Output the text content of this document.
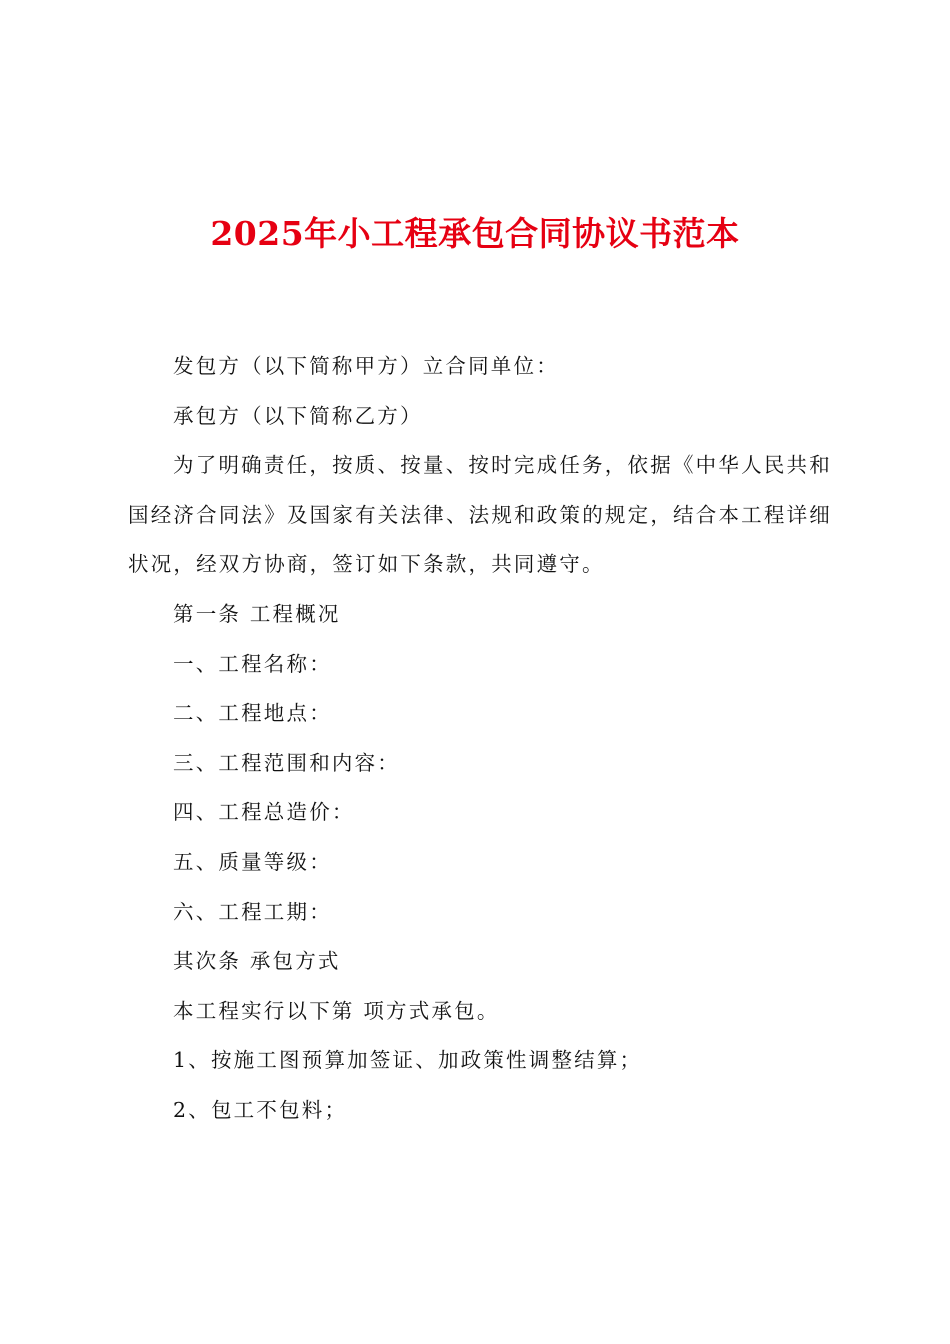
2025年小工程承包合同协议书范本

发包方（以下简称甲方）立合同单位：

承包方（以下简称乙方）

为了明确责任，按质、按量、按时完成任务，依据《中华人民共和国经济合同法》及国家有关法律、法规和政策的规定，结合本工程详细状况，经双方协商，签订如下条款，共同遵守。

第一条 工程概况

一、工程名称：

二、工程地点：

三、工程范围和内容：

四、工程总造价：

五、质量等级：

六、工程工期：

其次条 承包方式

本工程实行以下第 项方式承包。

1、按施工图预算加签证、加政策性调整结算；

2、包工不包料；
